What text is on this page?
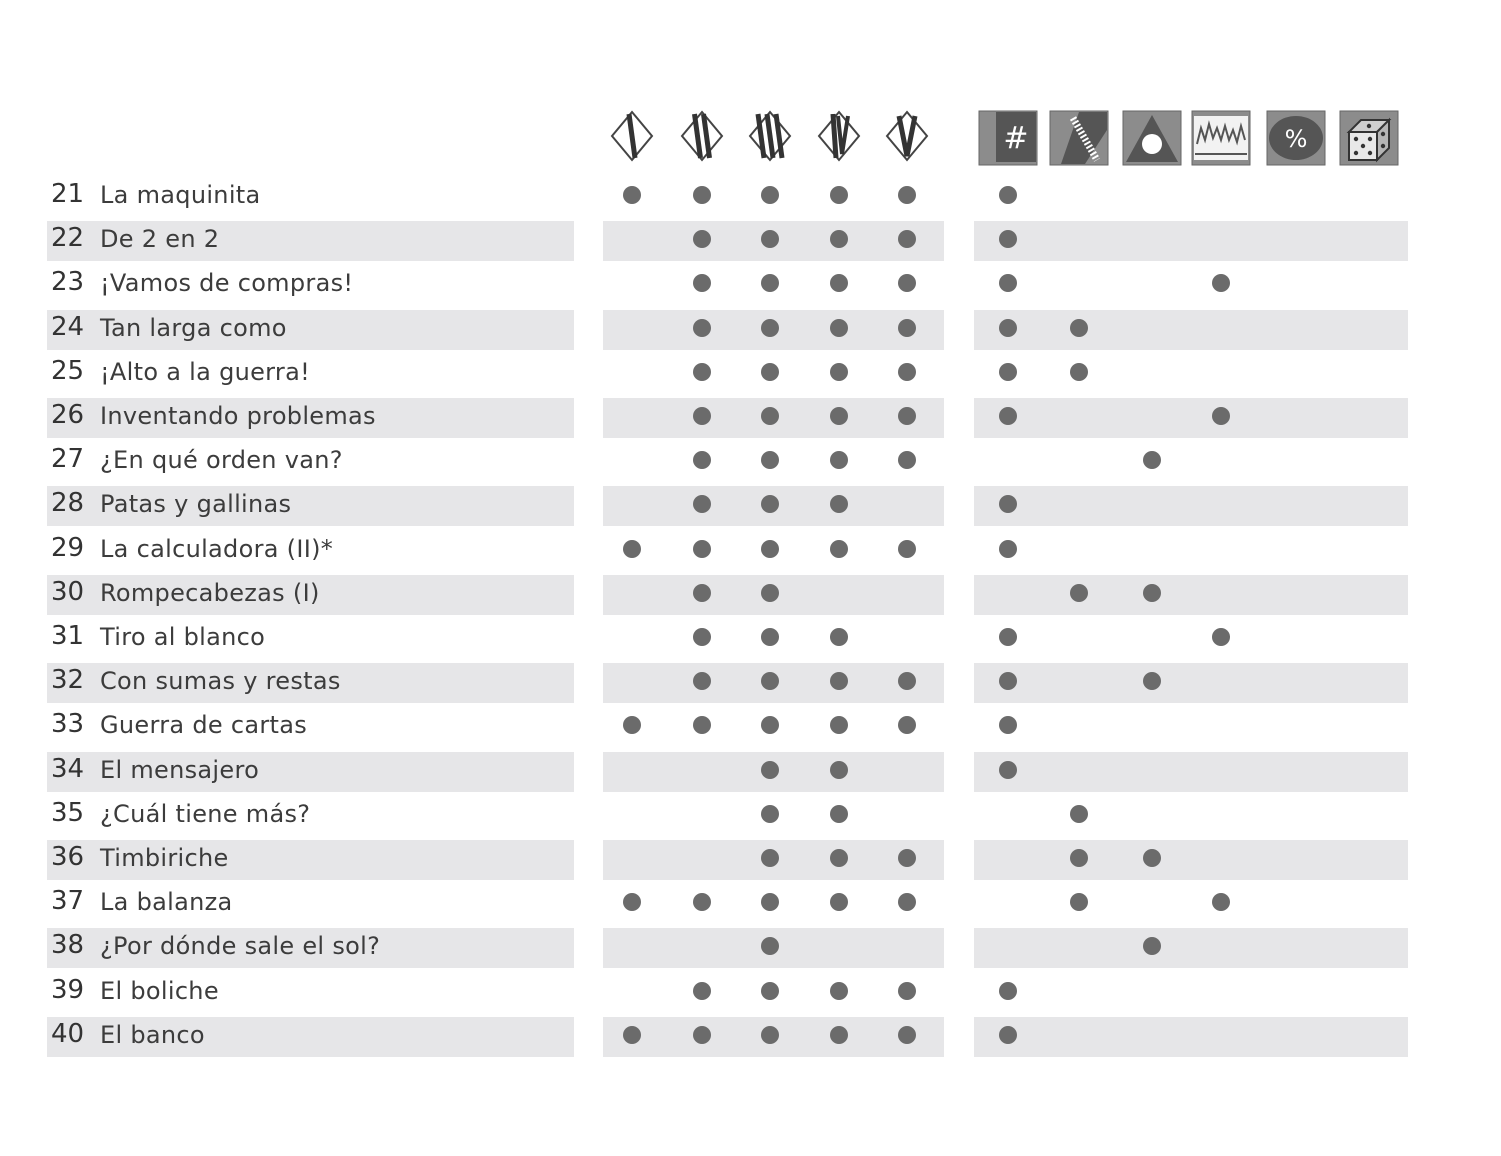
#	%
21 La maquinita
22 De 2 en 2
23 ¡Vamos de compras!
24 Tan larga como
25 ¡Alto a la guerra!
26 Inventando problemas
27 ¿En qué orden van?
28 Patas y gallinas
29 La calculadora (II)*
30 Rompecabezas (I)
31 Tiro al blanco
32 Con sumas y restas
33 Guerra de cartas
34 El mensajero
35 ¿Cuál tiene más?
36 Timbiriche
37 La balanza
38 ¿Por dónde sale el sol?
39 El boliche
40 El banco
